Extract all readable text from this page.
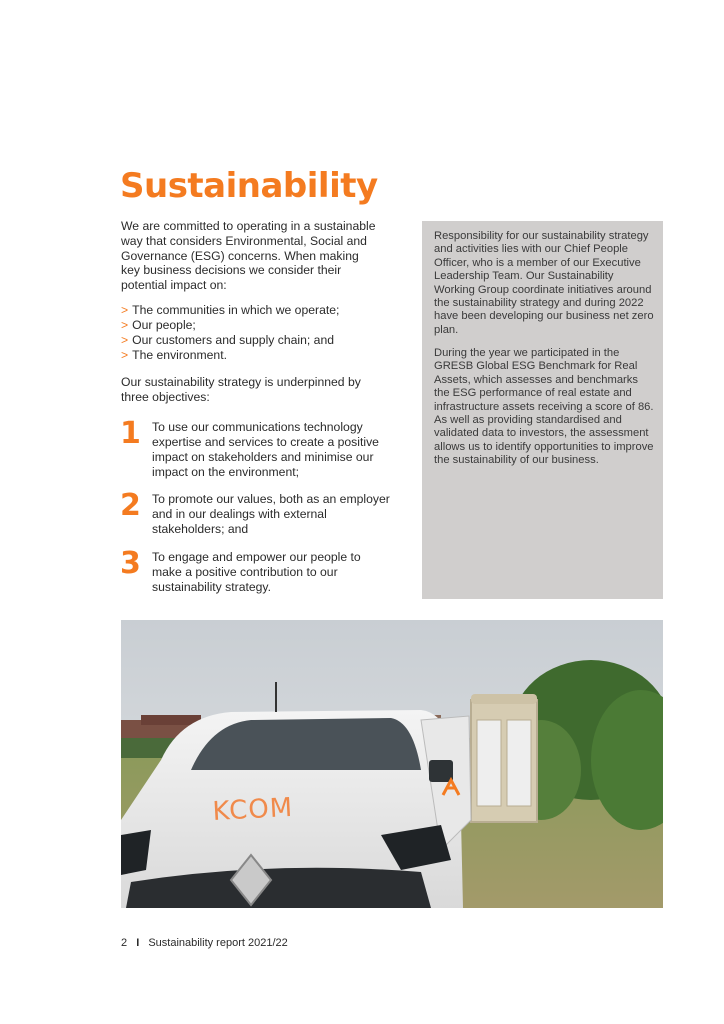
Sustainability

We are committed to operating in a sustainable way that considers Environmental, Social and Governance (ESG) concerns. When making key business decisions we consider their potential impact on:

> The communities in which we operate;
> Our people;
> Our customers and supply chain; and
> The environment.

Our sustainability strategy is underpinned by three objectives:

1 To use our communications technology expertise and services to create a positive impact on stakeholders and minimise our impact on the environment;
2 To promote our values, both as an employer and in our dealings with external stakeholders; and
3 To engage and empower our people to make a positive contribution to our sustainability strategy.

Responsibility for our sustainability strategy and activities lies with our Chief People Officer, who is a member of our Executive Leadership Team. Our Sustainability Working Group coordinate initiatives around the sustainability strategy and during 2022 have been developing our business net zero plan.

During the year we participated in the GRESB Global ESG Benchmark for Real Assets, which assesses and benchmarks the ESG performance of real estate and infrastructure assets receiving a score of 86. As well as providing standardised and validated data to investors, the assessment allows us to identify opportunities to improve the sustainability of our business.

KCOM
2 I Sustainability report 2021/22
